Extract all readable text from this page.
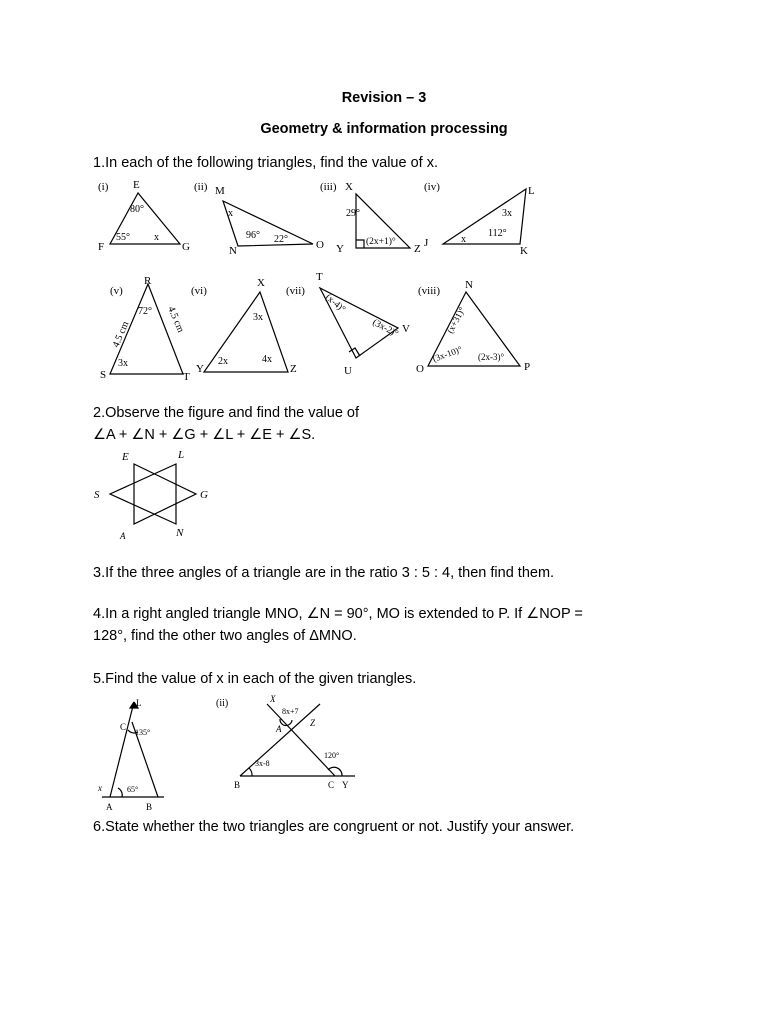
Revision – 3
Geometry & information processing
1.In each of the following triangles, find the value of x.
(i) E
F	G
80°
55° x
(ii) M
N	O
x
96° 22°
(iii) X
Y	Z
29°
(2x+1)°
(iv)	L
J
K
3x
x
112°
(v)
R
S	T
72°
3x
4.5 cm
4.5 cm
(vi)
X
Y	Z
3x
2x	4x
(vii)
T
U
V
(x-4)°
(3x-2)°
(viii) N
O	P
(x+31)°
(3x-10)° (2x-3)°
2.Observe the figure and find the value of
∠A + ∠N + ∠G + ∠L + ∠E + ∠S.
E	L
S	G
A	N
3.If the three angles of a triangle are in the ratio 3 : 5 : 4, then find them.
4.In a right angled triangle MNO, ∠N = 90°, MO is extended to P. If ∠NOP =
128°, find the other two angles of ΔMNO.
5.Find the value of x in each of the given triangles.
L
C
135°
x	65°
A	B
(ii)	X
8x+7
Z
A
120°
3x-8
B	C Y
6.State whether the two triangles are congruent or not. Justify your answer.
